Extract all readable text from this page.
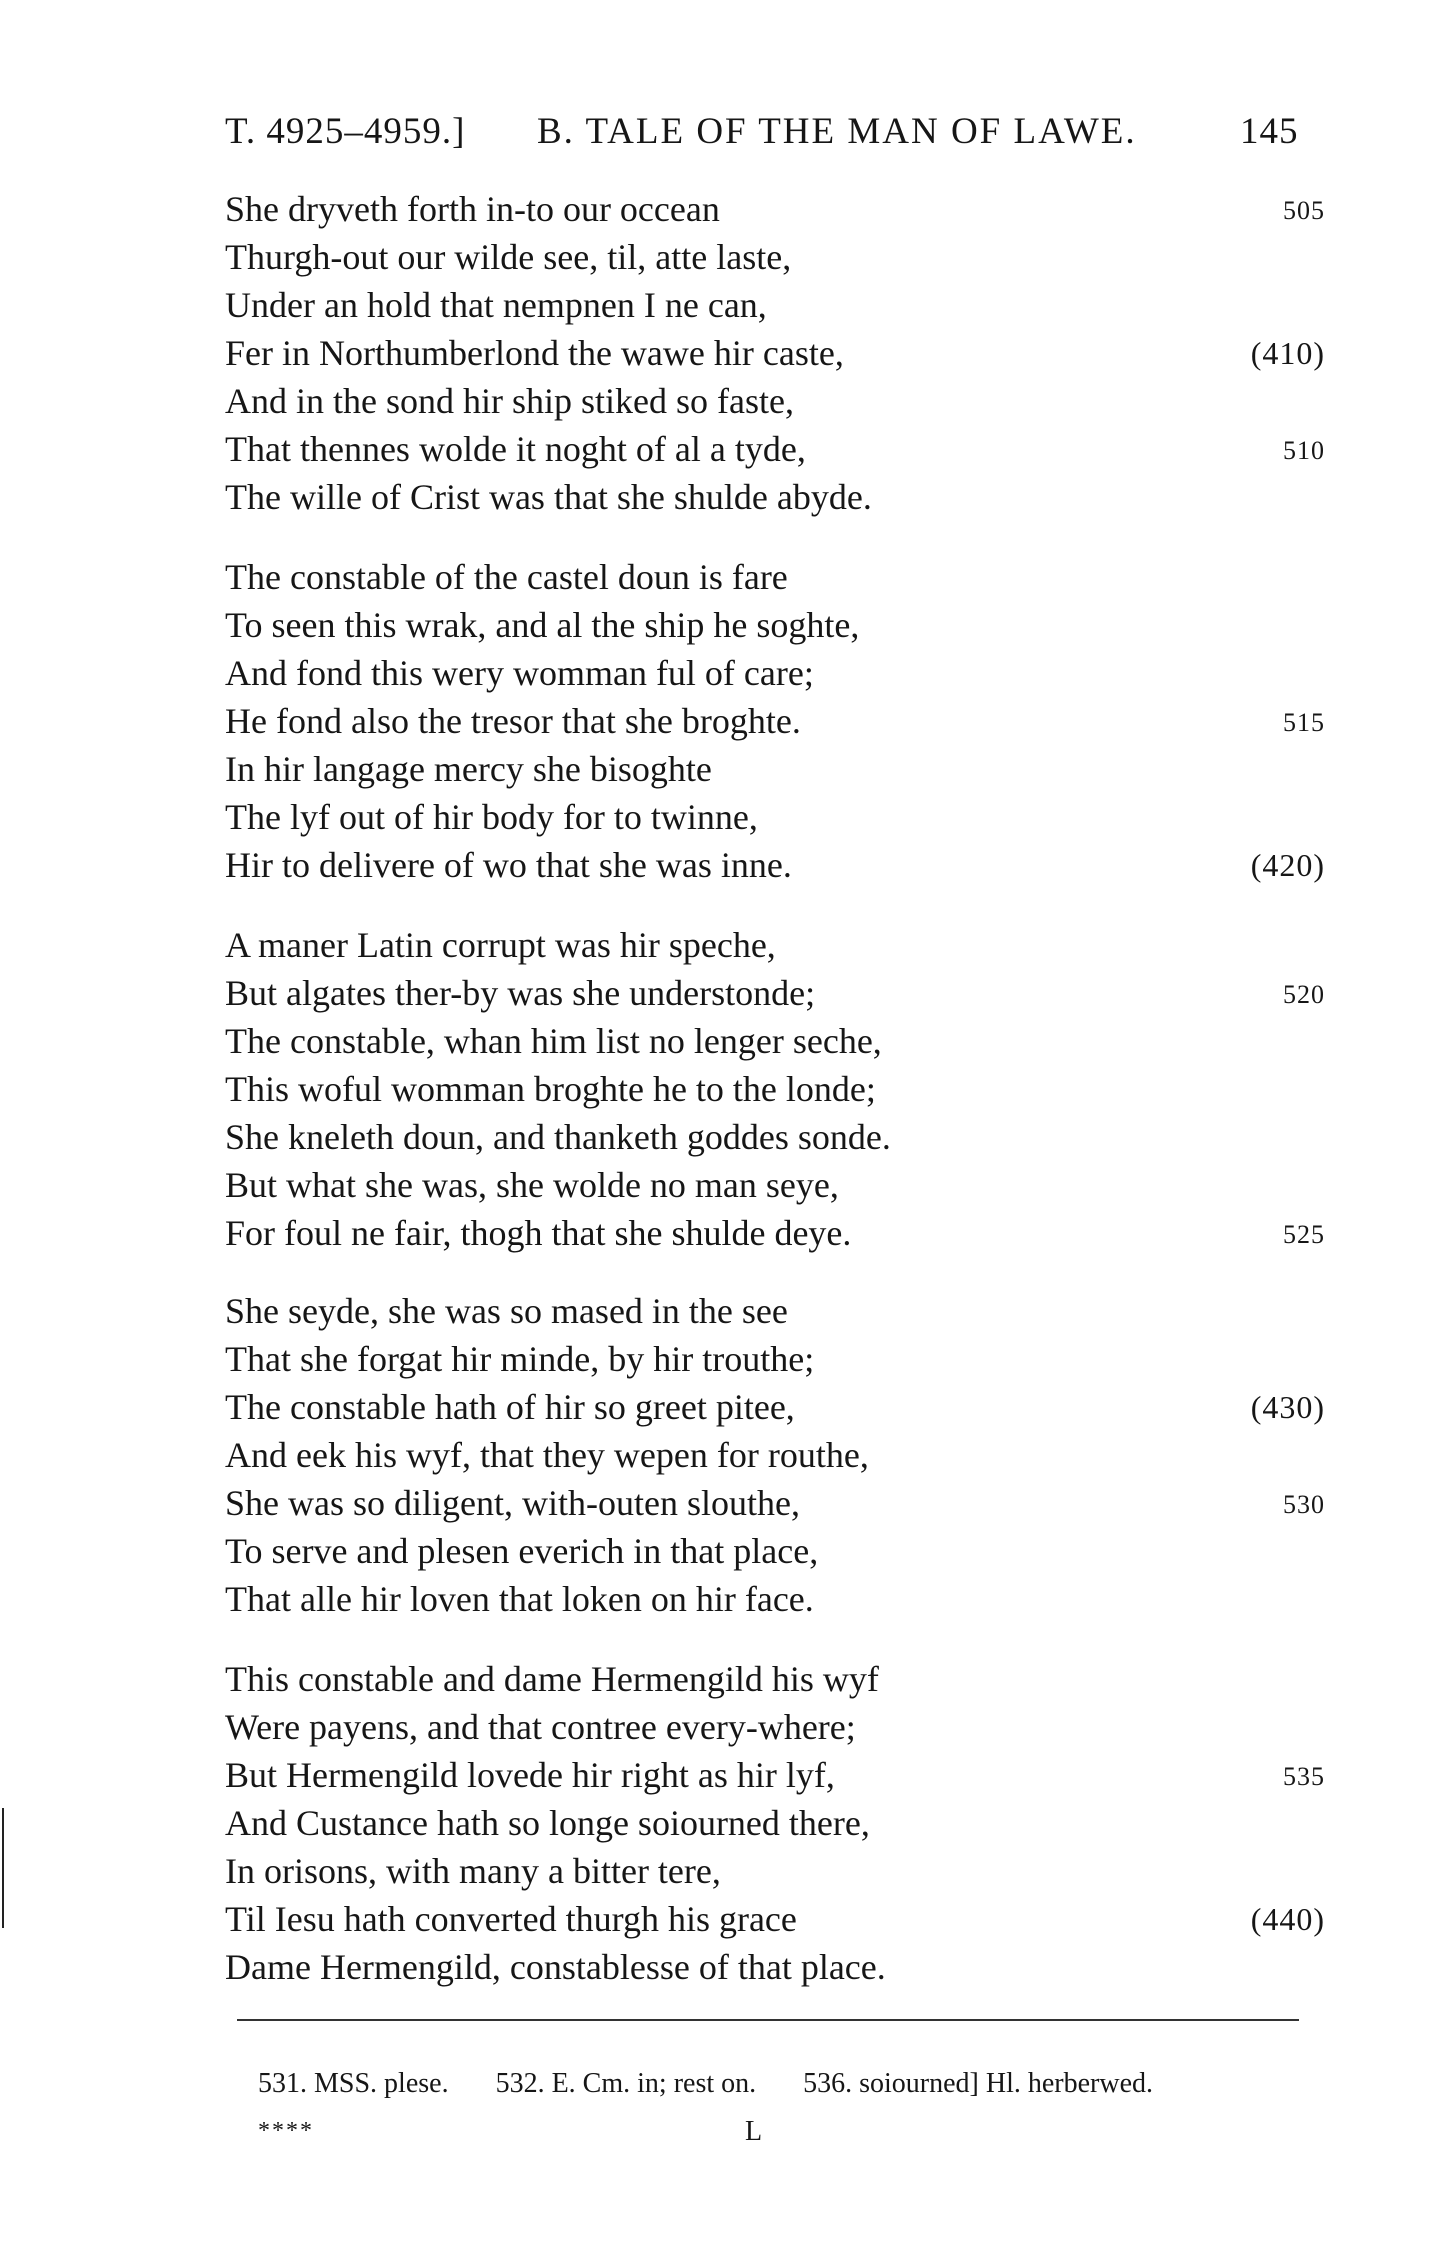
T. 4925–4959.] B. TALE OF THE MAN OF LAWE.	145
She dryveth forth in-to our occean	505
Thurgh-out our wilde see, til, atte laste,
Under an hold that nempnen I ne can,
Fer in Northumberlond the wawe hir caste,	(410)
And in the sond hir ship stiked so faste,
That thennes wolde it noght of al a tyde,	510
The wille of Crist was that she shulde abyde.
The constable of the castel doun is fare
To seen this wrak, and al the ship he soghte,
And fond this wery womman ful of care;
He fond also the tresor that she broghte.	515
In hir langage mercy she bisoghte
The lyf out of hir body for to twinne,
Hir to delivere of wo that she was inne.	(420)
A maner Latin corrupt was hir speche,
But algates ther-by was she understonde;	520
The constable, whan him list no lenger seche,
This woful womman broghte he to the londe;
She kneleth doun, and thanketh goddes sonde.
But what she was, she wolde no man seye,
For foul ne fair, thogh that she shulde deye.	525
She seyde, she was so mased in the see
That she forgat hir minde, by hir trouthe;
The constable hath of hir so greet pitee,	(430)
And eek his wyf, that they wepen for routhe,
She was so diligent, with-outen slouthe,	530
To serve and plesen everich in that place,
That alle hir loven that loken on hir face.
This constable and dame Hermengild his wyf
Were payens, and that contree every-where;
But Hermengild lovede hir right as hir lyf,	535
And Custance hath so longe soiourned there,
In orisons, with many a bitter tere,
Til Iesu hath converted thurgh his grace	(440)
Dame Hermengild, constablesse of that place.
531. MSS. plese. 532. E. Cm. in; rest on. 536. soiourned] Hl. herberwed.
****	L
